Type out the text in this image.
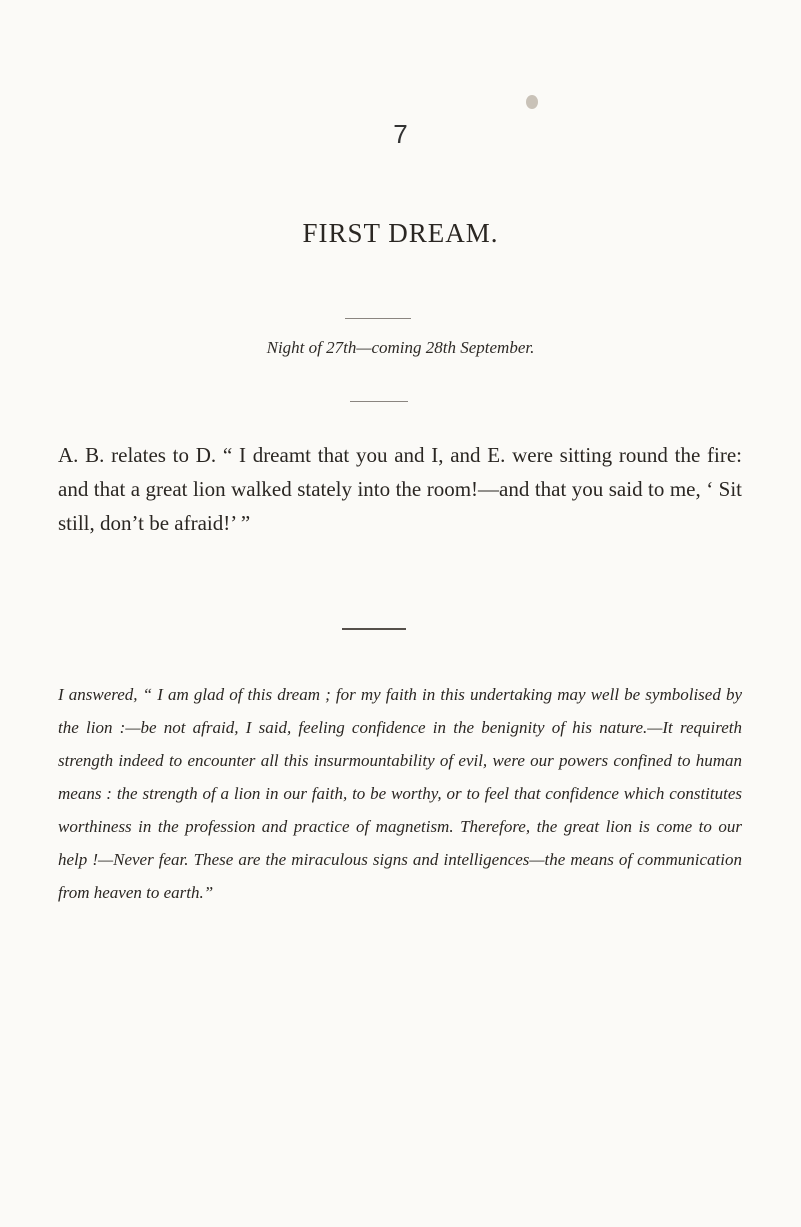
7
FIRST DREAM.
Night of 27th—coming 28th September.

A. B. relates to D. “ I dreamt that you and I, and E. were sitting round the fire: and that a great lion walked stately into the room!—and that you said to me, ‘ Sit still, don’t be afraid!’ ”

I answered, “ I am glad of this dream ; for my faith in this undertaking may well be symbolised by the lion :—be not afraid, I said, feeling confidence in the benignity of his nature.—It requireth strength indeed to encounter all this insurmountability of evil, were our powers confined to human means : the strength of a lion in our faith, to be worthy, or to feel that confidence which constitutes worthiness in the profession and practice of magnetism. Therefore, the great lion is come to our help !—Never fear. These are the miraculous signs and intelligences—the means of communication from heaven to earth.”
